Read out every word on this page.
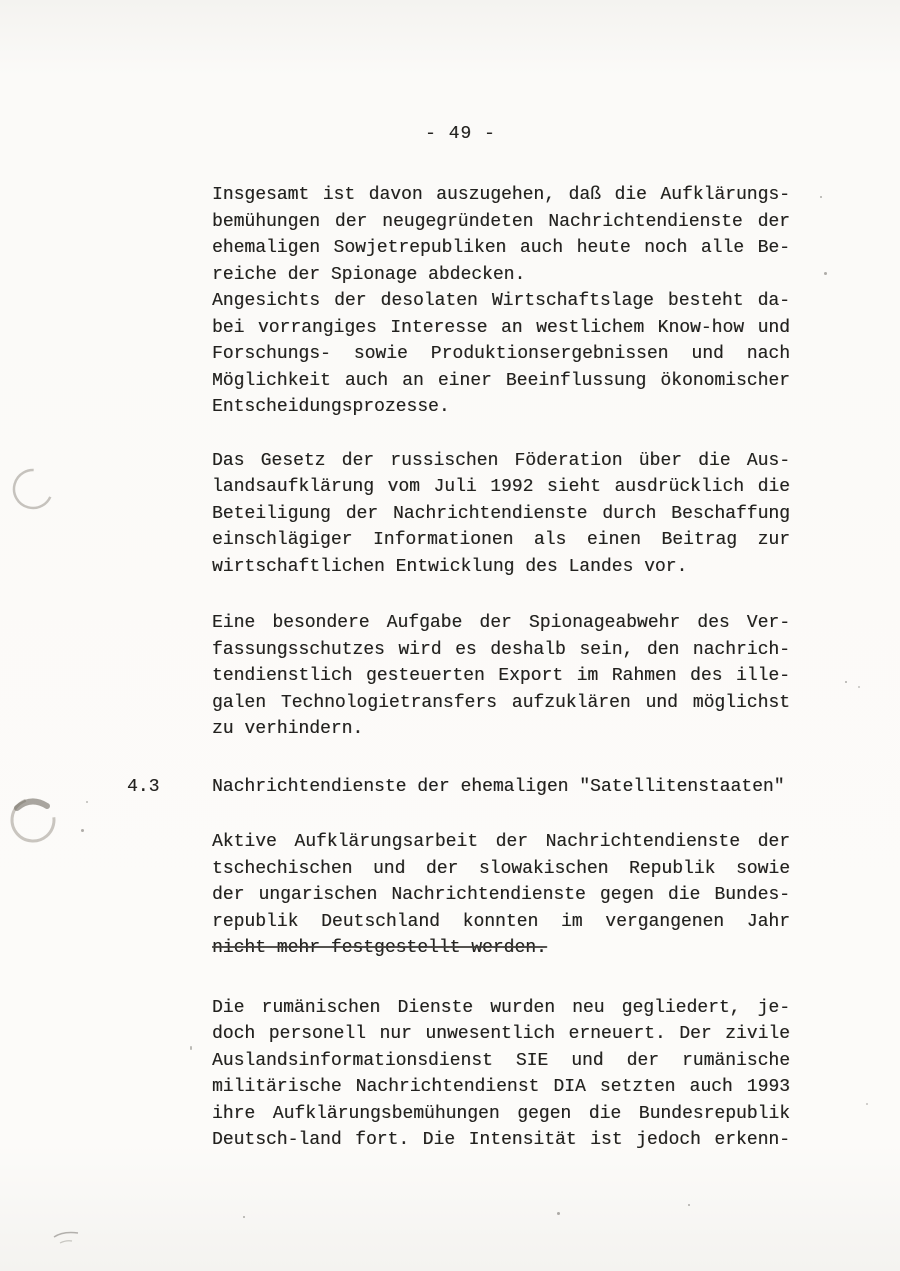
- 49 -
Insgesamt ist davon auszugehen, daß die Aufklärungs-
bemühungen der neugegründeten Nachrichtendienste der
ehemaligen Sowjetrepubliken auch heute noch alle Be-
reiche der Spionage abdecken.
Angesichts der desolaten Wirtschaftslage besteht da-
bei vorrangiges Interesse an westlichem Know-how und
Forschungs- sowie Produktionsergebnissen und nach
Möglichkeit auch an einer Beeinflussung ökonomischer
Entscheidungsprozesse.
Das Gesetz der russischen Föderation über die Aus-
landsaufklärung vom Juli 1992 sieht ausdrücklich die
Beteiligung der Nachrichtendienste durch Beschaffung
einschlägiger Informationen als einen Beitrag zur
wirtschaftlichen Entwicklung des Landes vor.
Eine besondere Aufgabe der Spionageabwehr des Ver-
fassungsschutzes wird es deshalb sein, den nachrich-
tendienstlich gesteuerten Export im Rahmen des ille-
galen Technologietransfers aufzuklären und möglichst
zu verhindern.
4.3	Nachrichtendienste der ehemaligen "Satellitenstaaten"
Aktive Aufklärungsarbeit der Nachrichtendienste der
tschechischen und der slowakischen Republik sowie
der ungarischen Nachrichtendienste gegen die Bundes-
republik Deutschland konnten im vergangenen Jahr
nicht mehr festgestellt werden.
Die rumänischen Dienste wurden neu gegliedert, je-
doch personell nur unwesentlich erneuert. Der zivile
Auslandsinformationsdienst SIE und der rumänische
militärische Nachrichtendienst DIA setzten auch 1993
ihre Aufklärungsbemühungen gegen die Bundesrepublik
Deutsch-land fort. Die Intensität ist jedoch erkenn-
